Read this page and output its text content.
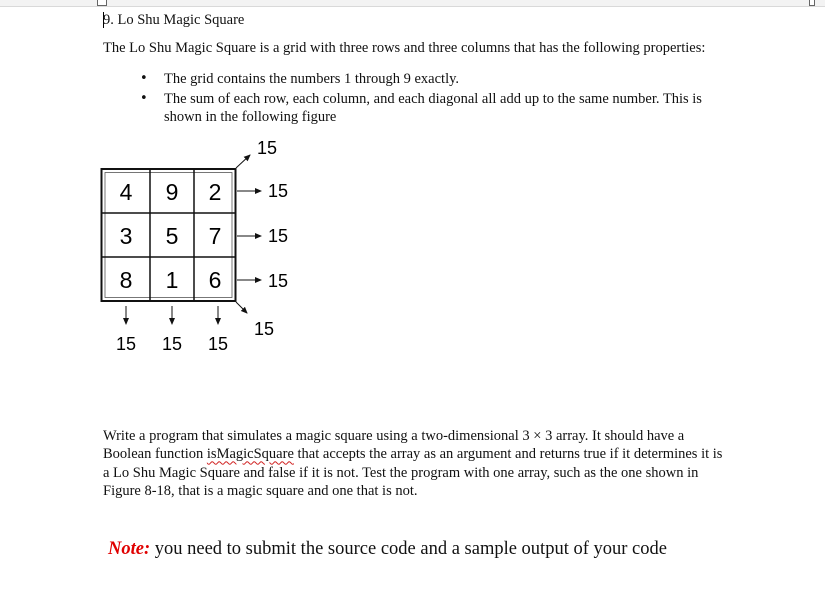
9. Lo Shu Magic Square
The Lo Shu Magic Square is a grid with three rows and three columns that has the following properties:
• The grid contains the numbers 1 through 9 exactly.
• The sum of each row, each column, and each diagonal all add up to the same number. This is shown in the following figure
4 9 2
3 5 7
8 1 6
15
15
15
15 15 15
15
15

Write a program that simulates a magic square using a two-dimensional 3 × 3 array. It should have a Boolean function isMagicSquare that accepts the array as an argument and returns true if it determines it is a Lo Shu Magic Square and false if it is not. Test the program with one array, such as the one shown in Figure 8-18, that is a magic square and one that is not.

Note: you need to submit the source code and a sample output of your code
